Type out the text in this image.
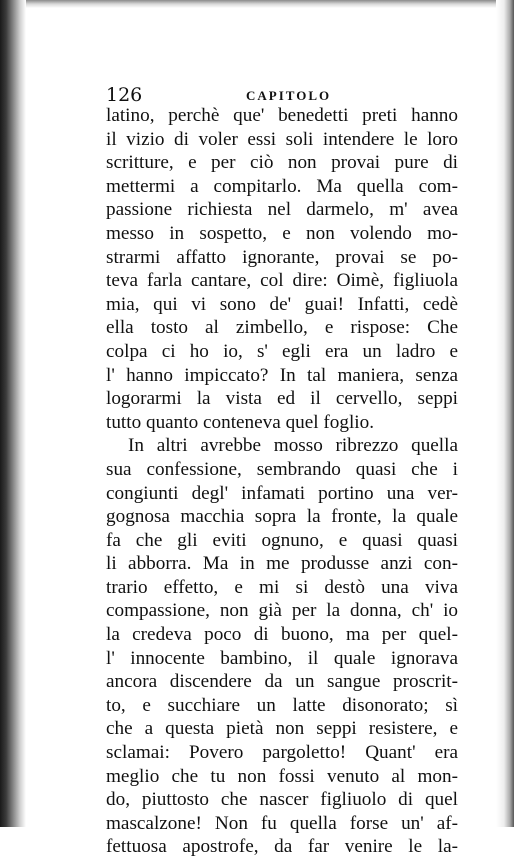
126	CAPITOLO
latino, perchè que' benedetti preti hanno
il vizio di voler essi soli intendere le loro
scritture, e per ciò non provai pure di
mettermi a compitarlo. Ma quella com-
passione richiesta nel darmelo, m' avea
messo in sospetto, e non volendo mo-
strarmi affatto ignorante, provai se po-
teva farla cantare, col dire: Oimè, figliuola
mia, qui vi sono de' guai! Infatti, cedè
ella tosto al zimbello, e rispose: Che
colpa ci ho io, s' egli era un ladro e
l' hanno impiccato? In tal maniera, senza
logorarmi la vista ed il cervello, seppi
tutto quanto conteneva quel foglio.
In altri avrebbe mosso ribrezzo quella
sua confessione, sembrando quasi che i
congiunti degl' infamati portino una ver-
gognosa macchia sopra la fronte, la quale
fa che gli eviti ognuno, e quasi quasi
li abborra. Ma in me produsse anzi con-
trario effetto, e mi si destò una viva
compassione, non già per la donna, ch' io
la credeva poco di buono, ma per quel-
l' innocente bambino, il quale ignorava
ancora discendere da un sangue proscrit-
to, e succhiare un latte disonorato; sì
che a questa pietà non seppi resistere, e
sclamai: Povero pargoletto! Quant' era
meglio che tu non fossi venuto al mon-
do, piuttosto che nascer figliuolo di quel
mascalzone! Non fu quella forse un' af-
fettuosa apostrofe, da far venire le la-
